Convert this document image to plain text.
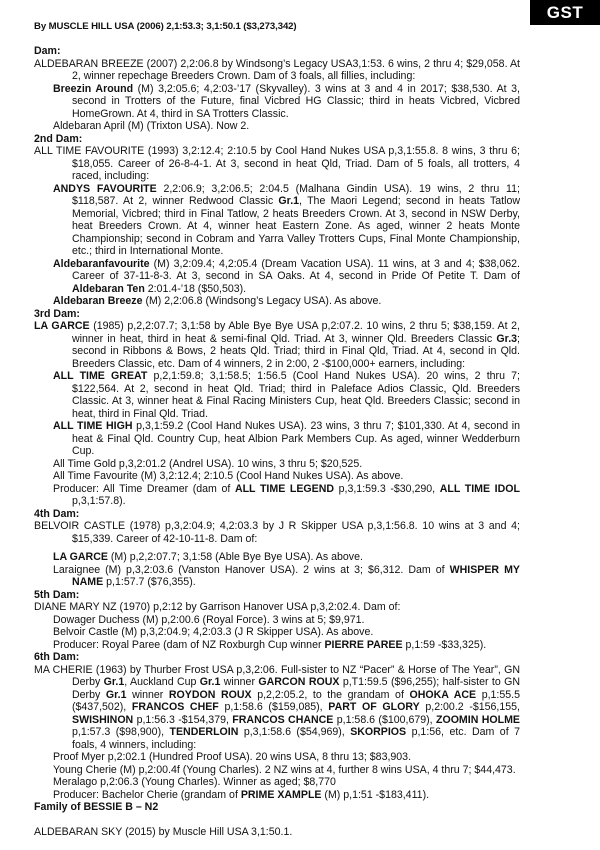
GST
By MUSCLE HILL USA (2006) 2,1:53.3; 3,1:50.1 ($3,273,342)
Dam:
ALDEBARAN BREEZE (2007) 2,2:06.8 by Windsong’s Legacy USA3,1:53. 6 wins, 2 thru 4; $29,058. At 2, winner repechage Breeders Crown. Dam of 3 foals, all fillies, including:
Breezin Around (M) 3,2:05.6; 4,2:03-’17 (Skyvalley). 3 wins at 3 and 4 in 2017; $38,530. At 3, second in Trotters of the Future, final Vicbred HG Classic; third in heats Vicbred, Vicbred HomeGrown. At 4, third in SA Trotters Classic.
Aldebaran April (M) (Trixton USA). Now 2.
2nd Dam:
ALL TIME FAVOURITE (1993) 3,2:12.4; 2:10.5 by Cool Hand Nukes USA p,3,1:55.8. 8 wins, 3 thru 6; $18,055. Career of 26-8-4-1. At 3, second in heat Qld, Triad. Dam of 5 foals, all trotters, 4 raced, including:
ANDYS FAVOURITE 2,2:06.9; 3,2:06.5; 2:04.5 (Malhana Gindin USA). 19 wins, 2 thru 11; $118,587. At 2, winner Redwood Classic Gr.1, The Maori Legend; second in heats Tatlow Memorial, Vicbred; third in Final Tatlow, 2 heats Breeders Crown. At 3, second in NSW Derby, heat Breeders Crown. At 4, winner heat Eastern Zone. As aged, winner 2 heats Monte Championship; second in Cobram and Yarra Valley Trotters Cups, Final Monte Championship, etc.; third in International Monte.
Aldebaranfavourite (M) 3,2:09.4; 4,2:05.4 (Dream Vacation USA). 11 wins, at 3 and 4; $38,062. Career of 37-11-8-3. At 3, second in SA Oaks. At 4, second in Pride Of Petite T. Dam of Aldebaran Ten 2:01.4-’18 ($50,503).
Aldebaran Breeze (M) 2,2:06.8 (Windsong’s Legacy USA). As above.
3rd Dam:
LA GARCE (1985) p,2,2:07.7; 3,1:58 by Able Bye Bye USA p,2:07.2. 10 wins, 2 thru 5; $38,159. At 2, winner in heat, third in heat & semi-final Qld. Triad. At 3, winner Qld. Breeders Classic Gr.3; second in Ribbons & Bows, 2 heats Qld. Triad; third in Final Qld, Triad. At 4, second in Qld. Breeders Classic, etc. Dam of 4 winners, 2 in 2:00, 2 -$100,000+ earners, including:
ALL TIME GREAT p,2,1:59.8; 3,1:58.5; 1:56.5 (Cool Hand Nukes USA). 20 wins, 2 thru 7; $122,564. At 2, second in heat Qld. Triad; third in Paleface Adios Classic, Qld. Breeders Classic. At 3, winner heat & Final Racing Ministers Cup, heat Qld. Breeders Classic; second in heat, third in Final Qld. Triad.
ALL TIME HIGH p,3,1:59.2 (Cool Hand Nukes USA). 23 wins, 3 thru 7; $101,330. At 4, second in heat & Final Qld. Country Cup, heat Albion Park Members Cup. As aged, winner Wedderburn Cup.
All Time Gold p,3,2:01.2 (Andrel USA). 10 wins, 3 thru 5; $20,525.
All Time Favourite (M) 3,2:12.4; 2:10.5 (Cool Hand Nukes USA). As above.
Producer: All Time Dreamer (dam of ALL TIME LEGEND p,3,1:59.3 -$30,290, ALL TIME IDOL p,3,1:57.8).
4th Dam:
BELVOIR CASTLE (1978) p,3,2:04.9; 4,2:03.3 by J R Skipper USA p,3,1:56.8. 10 wins at 3 and 4; $15,339. Career of 42-10-11-8. Dam of:
LA GARCE (M) p,2,2:07.7; 3,1:58 (Able Bye Bye USA). As above.
Laraignee (M) p,3,2:03.6 (Vanston Hanover USA). 2 wins at 3; $6,312. Dam of WHISPER MY NAME p,1:57.7 ($76,355).
5th Dam:
DIANE MARY NZ (1970) p,2:12 by Garrison Hanover USA p,3,2:02.4. Dam of:
Dowager Duchess (M) p,2:00.6 (Royal Force). 3 wins at 5; $9,971.
Belvoir Castle (M) p,3,2:04.9; 4,2:03.3 (J R Skipper USA). As above.
Producer: Royal Paree (dam of NZ Roxburgh Cup winner PIERRE PAREE p,1:59 -$33,325).
6th Dam:
MA CHERIE (1963) by Thurber Frost USA p,3,2:06. Full-sister to NZ “Pacer” & Horse of The Year”, GN Derby Gr.1, Auckland Cup Gr.1 winner GARCON ROUX p,T1:59.5 ($96,255); half-sister to GN Derby Gr.1 winner ROYDON ROUX p,2,2:05.2, to the grandam of OHOKA ACE p,1:55.5 ($437,502), FRANCOS CHEF p,1:58.6 ($159,085), PART OF GLORY p,2:00.2 -$156,155, SWISHINON p,1:56.3 -$154,379, FRANCOS CHANCE p,1:58.6 ($100,679), ZOOMIN HOLME p,1:57.3 ($98,900), TENDERLOIN p,3,1:58.6 ($54,969), SKORPIOS p,1:56, etc. Dam of 7 foals, 4 winners, including:
Proof Myer p,2:02.1 (Hundred Proof USA). 20 wins USA, 8 thru 13; $83,903.
Young Cherie (M) p,2:00.4f (Young Charles). 2 NZ wins at 4, further 8 wins USA, 4 thru 7; $44,473.
Meralago p,2:06.3 (Young Charles). Winner as aged; $8,770
Producer: Bachelor Cherie (grandam of PRIME XAMPLE (M) p,1:51 -$183,411).
Family of BESSIE B – N2
ALDEBARAN SKY (2015) by Muscle Hill USA 3,1:50.1.
